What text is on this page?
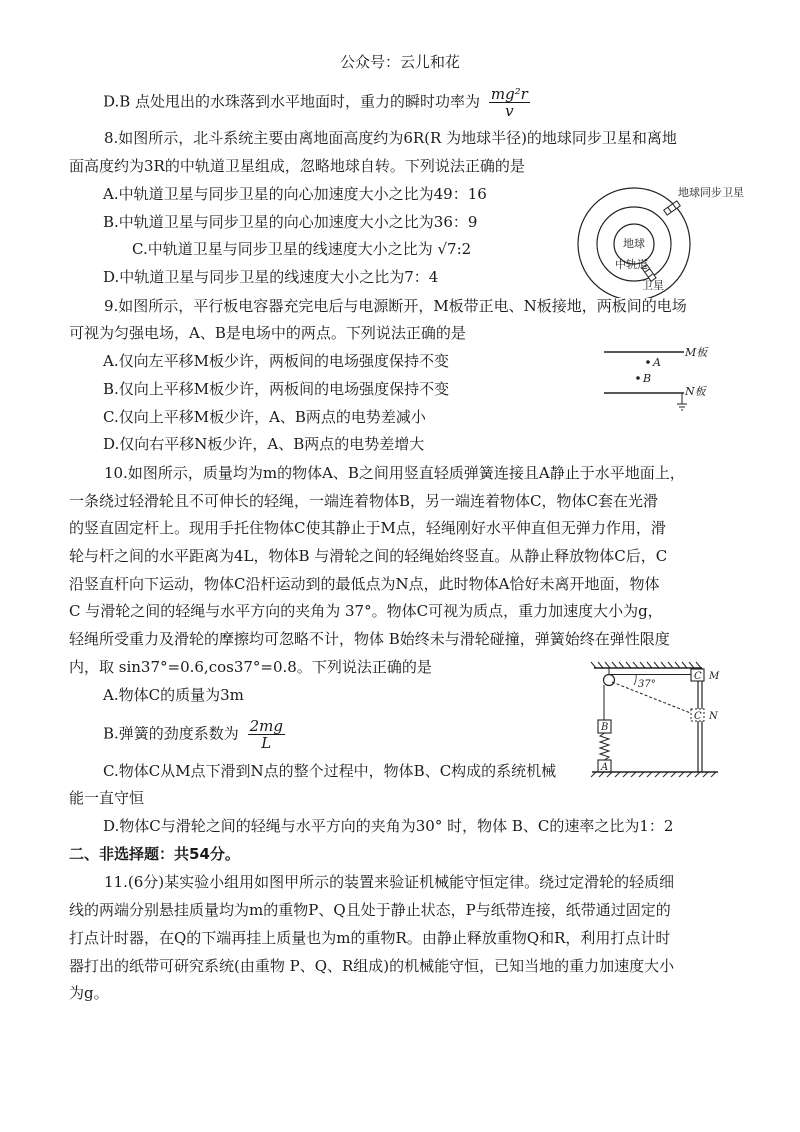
公众号：云儿和花
D.B 点处甩出的水珠落到水平地面时，重力的瞬时功率为 $\frac{\text{mg²r}}{v}$
8.如图所示，北斗系统主要由离地面高度约为6R(R 为地球半径)的地球同步卫星和离地
面高度约为3R的中轨道卫星组成，忽略地球自转。下列说法正确的是
A.中轨道卫星与同步卫星的向心加速度大小之比为49：16
B.中轨道卫星与同步卫星的向心加速度大小之比为36：9
C.中轨道卫星与同步卫星的线速度大小之比为 √7:2
D.中轨道卫星与同步卫星的线速度大小之比为7：4
地球同步卫星
地球
中轨道
卫星
9.如图所示，平行板电容器充完电后与电源断开，M板带正电、N板接地，两板间的电场
可视为匀强电场，A、B是电场中的两点。下列说法正确的是
A.仅向左平移M板少许，两板间的电场强度保持不变
B.仅向上平移M板少许，两板间的电场强度保持不变
C.仅向上平移M板少许，A、B两点的电势差减小
D.仅向右平移N板少许，A、B两点的电势差增大
M板
A
B
N板
10.如图所示，质量均为m的物体A、B之间用竖直轻质弹簧连接且A静止于水平地面上，
一条绕过轻滑轮且不可伸长的轻绳，一端连着物体B，另一端连着物体C，物体C套在光滑
的竖直固定杆上。现用手托住物体C使其静止于M点，轻绳刚好水平伸直但无弹力作用，滑
轮与杆之间的水平距离为4L，物体B 与滑轮之间的轻绳始终竖直。从静止释放物体C后，C
沿竖直杆向下运动，物体C沿杆运动到的最低点为N点，此时物体A恰好未离开地面，物体
C 与滑轮之间的轻绳与水平方向的夹角为 37°。物体C可视为质点，重力加速度大小为g，
轻绳所受重力及滑轮的摩擦均可忽略不计，物体 B始终未与滑轮碰撞，弹簧始终在弹性限度
内，取 sin37°=0.6,cos37°=0.8。下列说法正确的是
A.物体C的质量为3m
B.弹簧的劲度系数为 $\frac{2mg}{L}$
C.物体C从M点下滑到N点的整个过程中，物体B、C构成的系统机械
能一直守恒
D.物体C与滑轮之间的轻绳与水平方向的夹角为30° 时，物体 B、C的速率之比为1：2
37°
C M
C N
B
A
二、非选择题：共54分。
11.(6分)某实验小组用如图甲所示的装置来验证机械能守恒定律。绕过定滑轮的轻质细
线的两端分别悬挂质量均为m的重物P、Q且处于静止状态，P与纸带连接，纸带通过固定的
打点计时器，在Q的下端再挂上质量也为m的重物R。由静止释放重物Q和R，利用打点计时
器打出的纸带可研究系统(由重物 P、Q、R组成)的机械能守恒，已知当地的重力加速度大小
为g。
